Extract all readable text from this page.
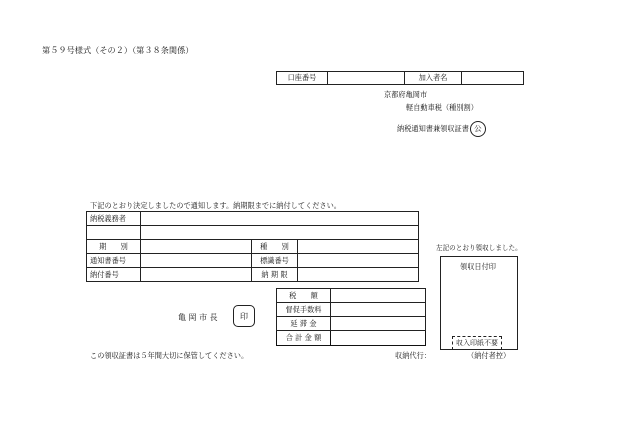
第５９号様式（その２）（第３８条関係）
口座番号		加入者名	
京都府亀岡市
軽自動車税（種別割）
納税通知書兼領収証書 公
下記のとおり決定しましたので通知します。納期限までに納付してください。
納税義務者			

期　　別		種　　別	
通知書番号		標識番号	
納付番号		納 期 限	
亀 岡 市 長	印
税　　額	
督促手数料	
延 滞 金	
合 計 金 額	
左記のとおり領収しました。
領収日付印
収入印紙不要
この領収証書は５年間大切に保管してください。	収納代行：	（納付者控）
